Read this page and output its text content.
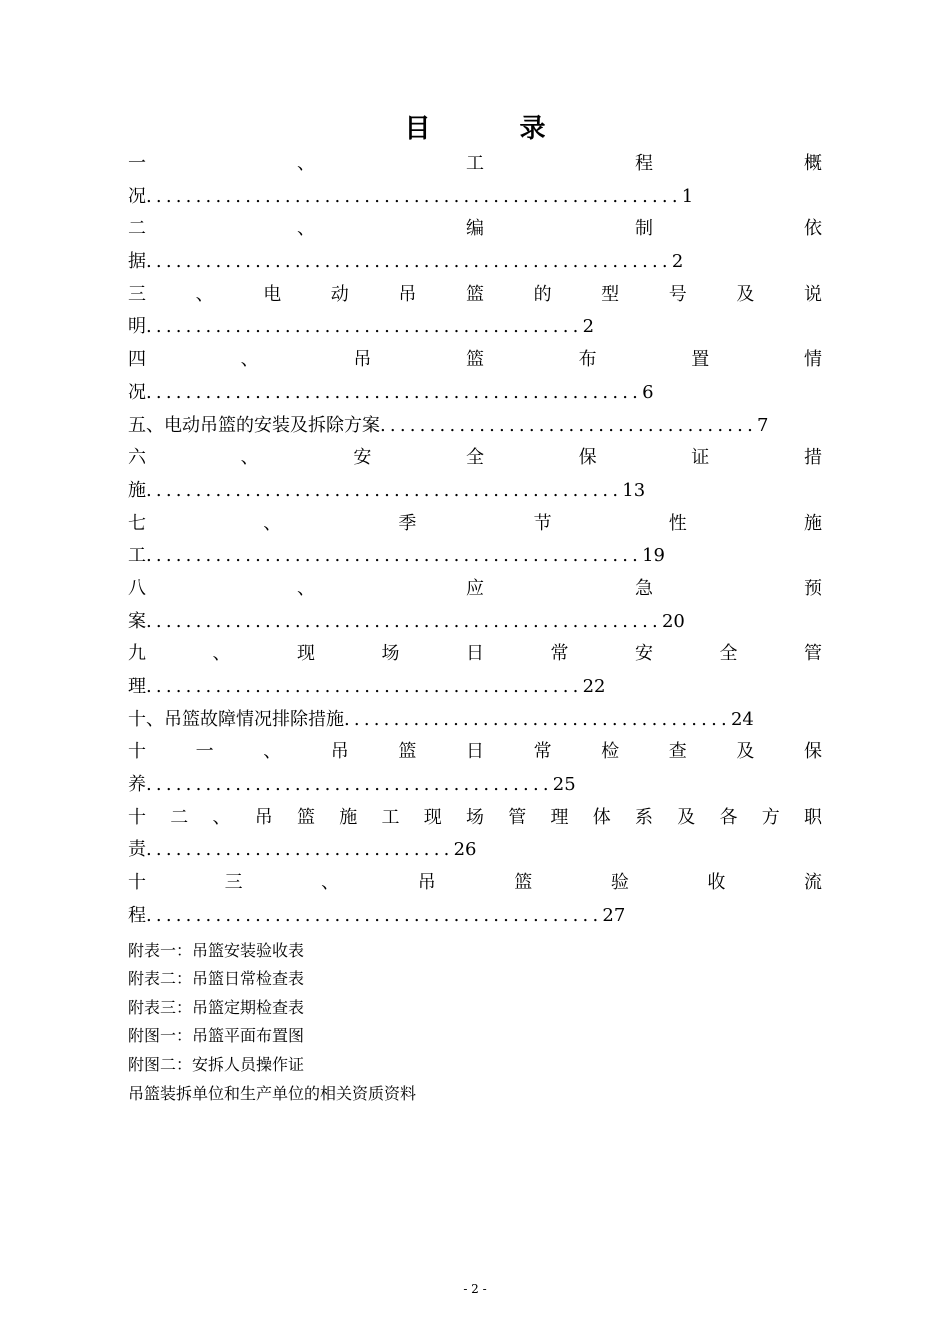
目 录
一	、	工	程	概
况 ...................................................... 1
二	、	编	制	依
据 ..................................................... 2
三	、	电	动	吊	篮	的	型	号	及	说
明 ............................................ 2
四	、	吊	篮	布	置	情
况 .................................................. 6
五、电动吊篮的安装及拆除方案 ...................................... 7
六	、	安	全	保	证	措
施 ................................................ 13
七	、	季	节	性	施
工 .................................................. 19
八	、	应	急	预
案 .................................................... 20
九	、	现	场	日	常	安	全	管
理 ............................................ 22
十、吊篮故障情况排除措施 ....................................... 24
十	一	、	吊	篮	日	常	检	查	及	保
养 ......................................... 25
十 二 、 吊 篮 施 工 现 场 管 理 体 系 及 各 方 职
责 ............................... 26
十	三	、	吊	篮	验	收	流
程 .............................................. 27
附表一：吊篮安装验收表
附表二：吊篮日常检查表
附表三：吊篮定期检查表
附图一：吊篮平面布置图
附图二：安拆人员操作证
吊篮装拆单位和生产单位的相关资质资料
- 2 -
